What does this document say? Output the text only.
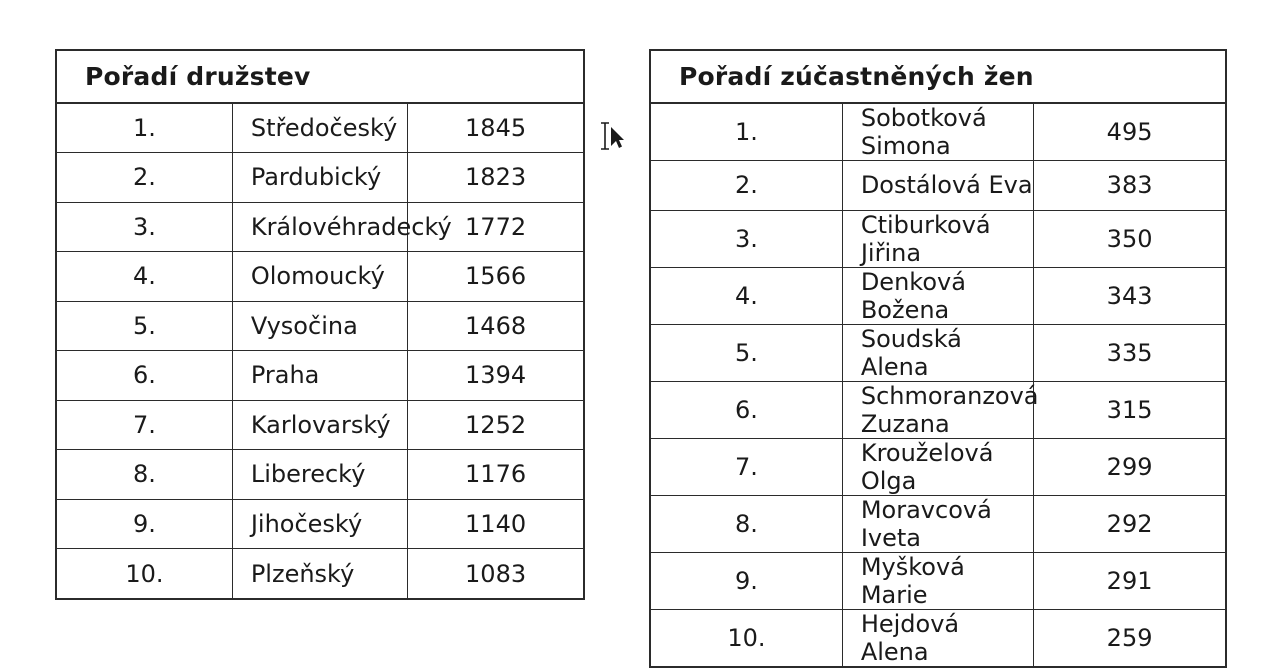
Pořadí družstev		
1.	Středočeský	1845
2.	Pardubický	1823
3.	Královéhradecký	1772
4.	Olomoucký	1566
5.	Vysočina	1468
6.	Praha	1394
7.	Karlovarský	1252
8.	Liberecký	1176
9.	Jihočeský	1140
10.	Plzeňský	1083
Pořadí zúčastněných žen		
1.	Sobotková Simona	495
2.	Dostálová Eva	383
3.	Ctiburková Jiřina	350
4.	Denková Božena	343
5.	Soudská Alena	335
6.	Schmoranzová Zuzana	315
7.	Krouželová Olga	299
8.	Moravcová Iveta	292
9.	Myšková Marie	291
10.	Hejdová Alena	259
